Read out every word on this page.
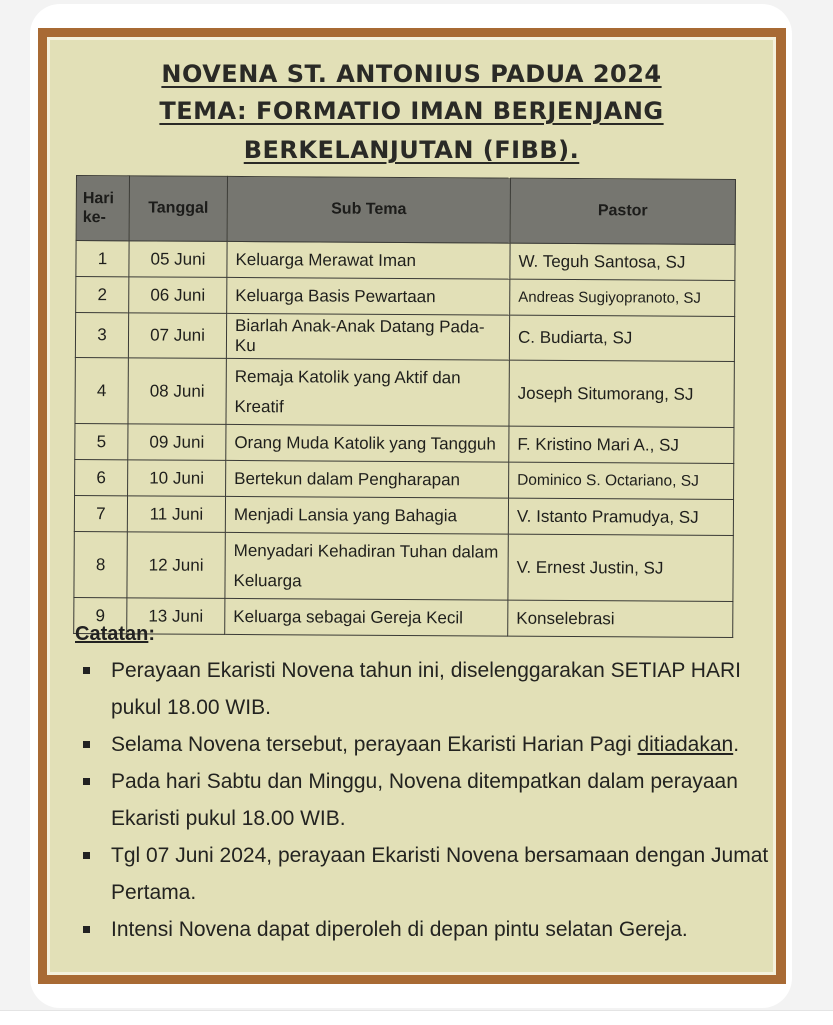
NOVENA ST. ANTONIUS PADUA 2024
TEMA: FORMATIO IMAN BERJENJANG
BERKELANJUTAN (FIBB).
Hari ke-	Tanggal	Sub Tema	Pastor
1	05 Juni	Keluarga Merawat Iman	W. Teguh Santosa, SJ
2	06 Juni	Keluarga Basis Pewartaan	Andreas Sugiyopranoto, SJ
3	07 Juni	Biarlah Anak-Anak Datang Pada-Ku	C. Budiarta, SJ
4	08 Juni	Remaja Katolik yang Aktif dan Kreatif	Joseph Situmorang, SJ
5	09 Juni	Orang Muda Katolik yang Tangguh	F. Kristino Mari A., SJ
6	10 Juni	Bertekun dalam Pengharapan	Dominico S. Octariano, SJ
7	11 Juni	Menjadi Lansia yang Bahagia	V. Istanto Pramudya, SJ
8	12 Juni	Menyadari Kehadiran Tuhan dalam Keluarga	V. Ernest Justin, SJ
9	13 Juni	Keluarga sebagai Gereja Kecil	Konselebrasi
Catatan:
Perayaan Ekaristi Novena tahun ini, diselenggarakan SETIAP HARI pukul 18.00 WIB.
Selama Novena tersebut, perayaan Ekaristi Harian Pagi ditiadakan.
Pada hari Sabtu dan Minggu, Novena ditempatkan dalam perayaan Ekaristi pukul 18.00 WIB.
Tgl 07 Juni 2024, perayaan Ekaristi Novena bersamaan dengan Jumat Pertama.
Intensi Novena dapat diperoleh di depan pintu selatan Gereja.
